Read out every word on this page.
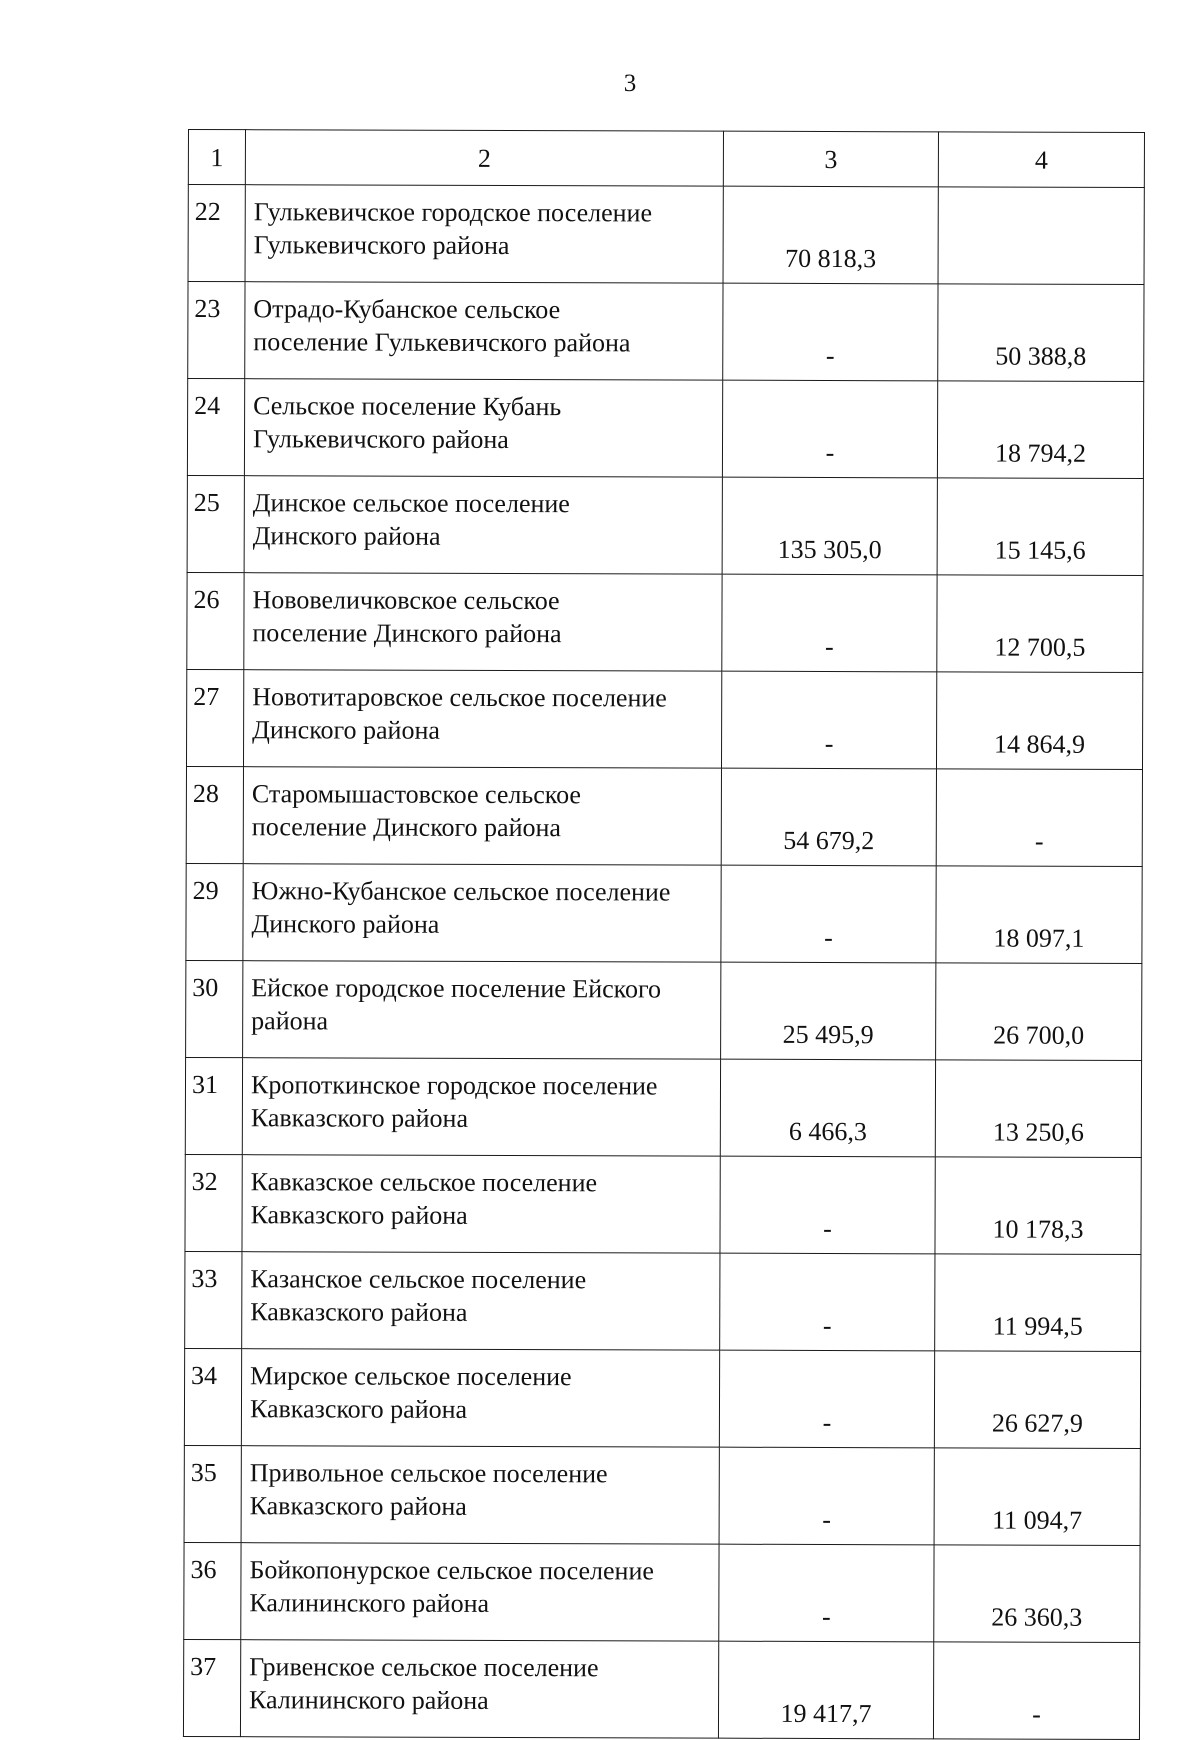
3
1	2	3	4
22	Гулькевичское городское поселение
Гулькевичского района	70 818,3	
23	Отрадо-Кубанское сельское
поселение Гулькевичского района	-	50 388,8
24	Сельское поселение Кубань
Гулькевичского района	-	18 794,2
25	Динское сельское поселение
Динского района	135 305,0	15 145,6
26	Нововеличковское сельское
поселение Динского района	-	12 700,5
27	Новотитаровское сельское поселение
Динского района	-	14 864,9
28	Старомышастовское сельское
поселение Динского района	54 679,2	-
29	Южно-Кубанское сельское поселение
Динского района	-	18 097,1
30	Ейское городское поселение Ейского
района	25 495,9	26 700,0
31	Кропоткинское городское поселение
Кавказского района	6 466,3	13 250,6
32	Кавказское сельское поселение
Кавказского района	-	10 178,3
33	Казанское сельское поселение
Кавказского района	-	11 994,5
34	Мирское сельское поселение
Кавказского района	-	26 627,9
35	Привольное сельское поселение
Кавказского района	-	11 094,7
36	Бойкопонурское сельское поселение
Калининского района	-	26 360,3
37	Гривенское сельское поселение
Калининского района	19 417,7	-
